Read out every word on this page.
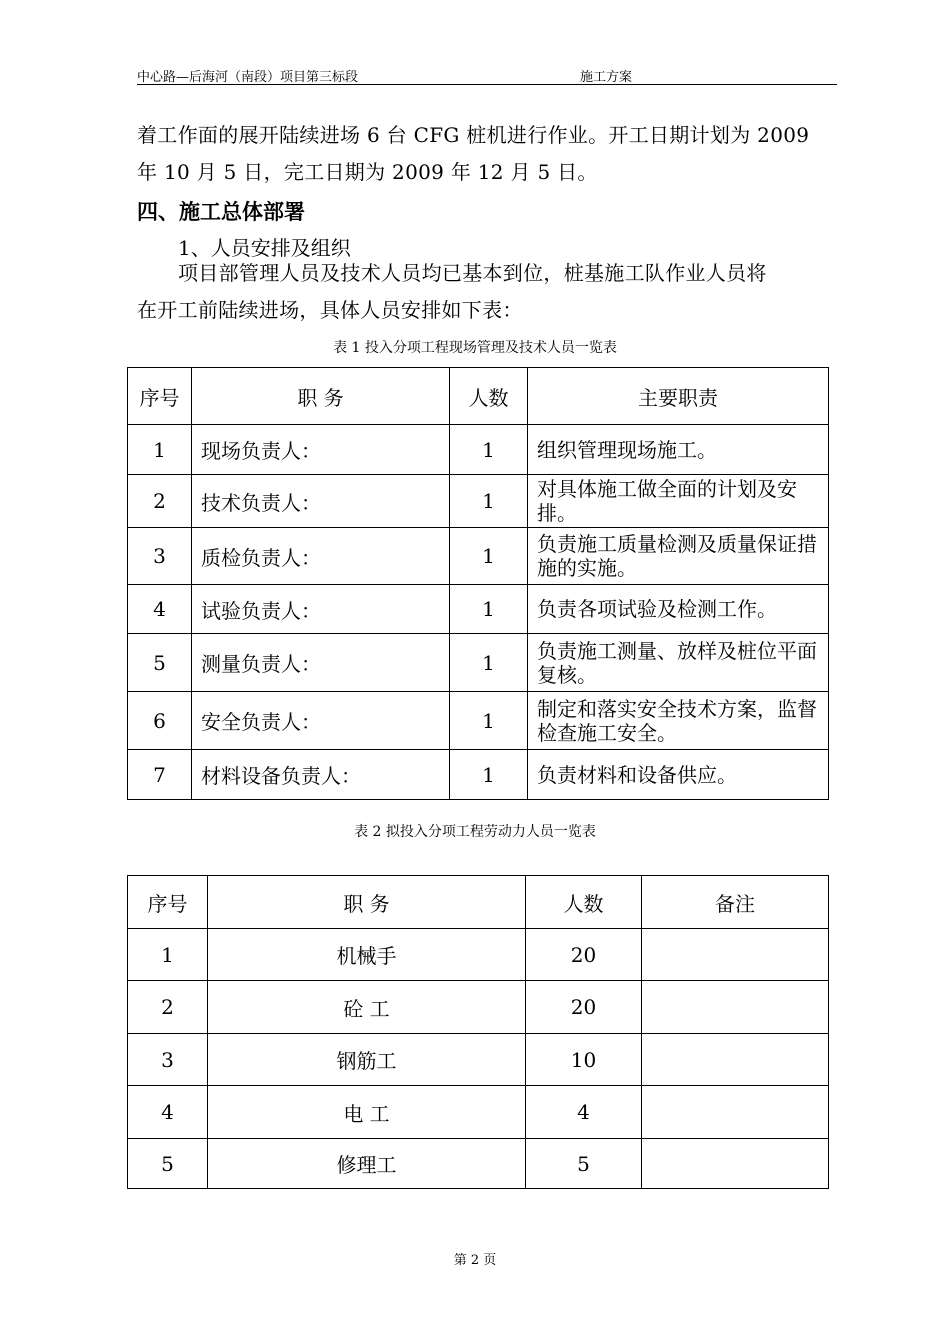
中心路—后海河（南段）项目第三标段	施工方案
着工作面的展开陆续进场 6 台 CFG 桩机进行作业。开工日期计划为 2009
年 10 月 5 日，完工日期为 2009 年 12 月 5 日。
四、施工总体部署
1、人员安排及组织
项目部管理人员及技术人员均已基本到位，桩基施工队作业人员将
在开工前陆续进场，具体人员安排如下表：
表 1 投入分项工程现场管理及技术人员一览表
序号	职 务	人数	主要职责
1	现场负责人：	1	组织管理现场施工。
2	技术负责人：	1	对具体施工做全面的计划及安排。
3	质检负责人：	1	负责施工质量检测及质量保证措施的实施。
4	试验负责人：	1	负责各项试验及检测工作。
5	测量负责人：	1	负责施工测量、放样及桩位平面复核。
6	安全负责人：	1	制定和落实安全技术方案，监督检查施工安全。
7	材料设备负责人：	1	负责材料和设备供应。
表 2 拟投入分项工程劳动力人员一览表
序号	职 务	人数	备注
1	机械手	20	
2	砼 工	20	
3	钢筋工	10	
4	电 工	4	
5	修理工	5	
第 2 页
